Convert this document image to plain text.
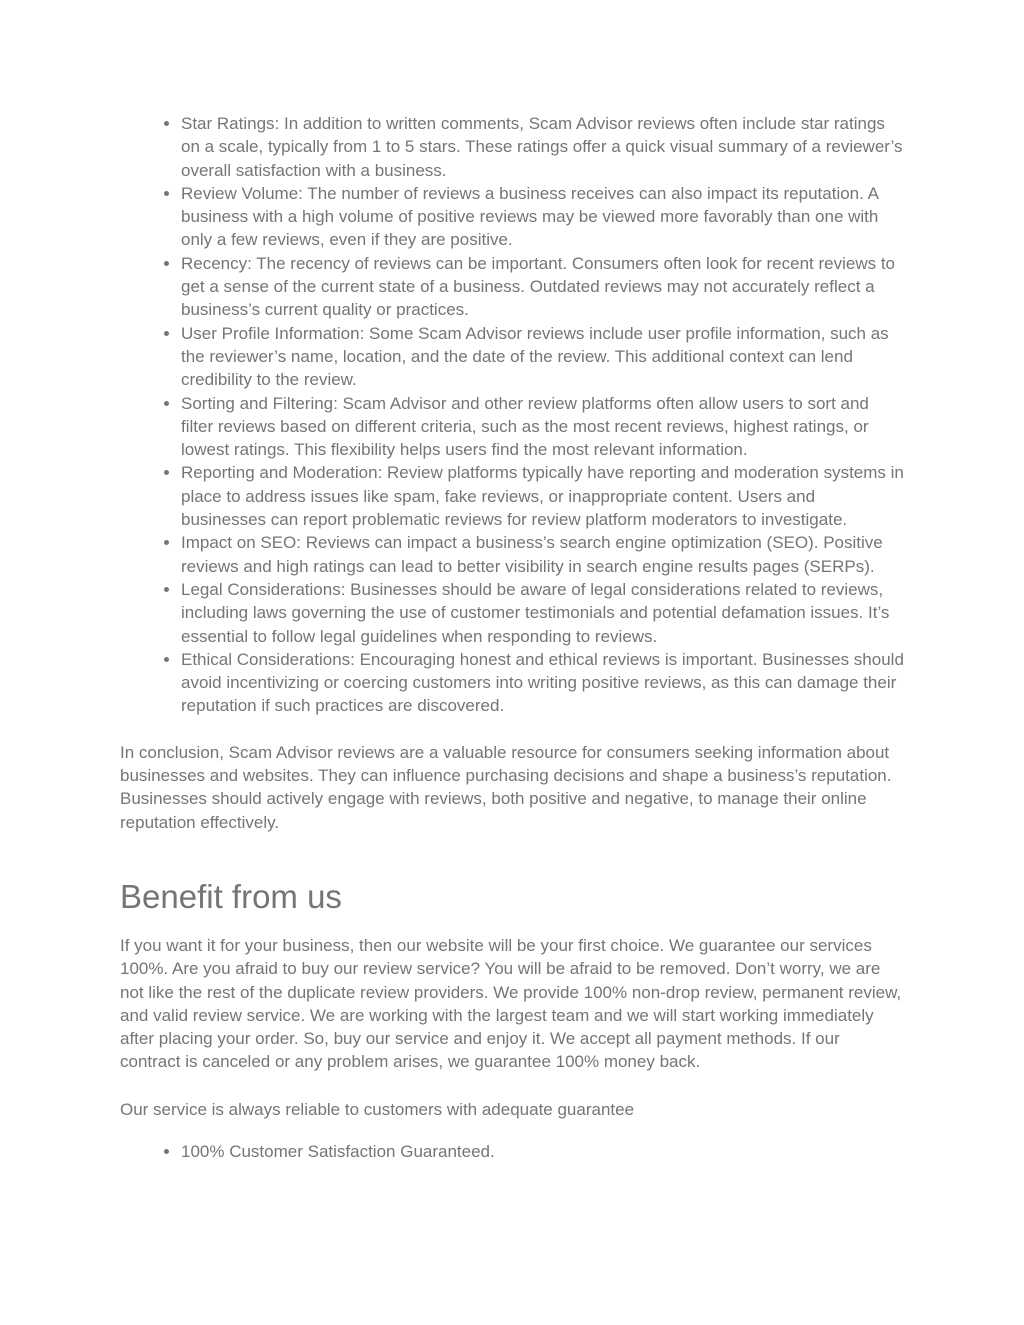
• Star Ratings: In addition to written comments, Scam Advisor reviews often include star ratings on a scale, typically from 1 to 5 stars. These ratings offer a quick visual summary of a reviewer’s overall satisfaction with a business.
• Review Volume: The number of reviews a business receives can also impact its reputation. A business with a high volume of positive reviews may be viewed more favorably than one with only a few reviews, even if they are positive.
• Recency: The recency of reviews can be important. Consumers often look for recent reviews to get a sense of the current state of a business. Outdated reviews may not accurately reflect a business’s current quality or practices.
• User Profile Information: Some Scam Advisor reviews include user profile information, such as the reviewer’s name, location, and the date of the review. This additional context can lend credibility to the review.
• Sorting and Filtering: Scam Advisor and other review platforms often allow users to sort and filter reviews based on different criteria, such as the most recent reviews, highest ratings, or lowest ratings. This flexibility helps users find the most relevant information.
• Reporting and Moderation: Review platforms typically have reporting and moderation systems in place to address issues like spam, fake reviews, or inappropriate content. Users and businesses can report problematic reviews for review platform moderators to investigate.
• Impact on SEO: Reviews can impact a business’s search engine optimization (SEO). Positive reviews and high ratings can lead to better visibility in search engine results pages (SERPs).
• Legal Considerations: Businesses should be aware of legal considerations related to reviews, including laws governing the use of customer testimonials and potential defamation issues. It’s essential to follow legal guidelines when responding to reviews.
• Ethical Considerations: Encouraging honest and ethical reviews is important. Businesses should avoid incentivizing or coercing customers into writing positive reviews, as this can damage their reputation if such practices are discovered.

In conclusion, Scam Advisor reviews are a valuable resource for consumers seeking information about businesses and websites. They can influence purchasing decisions and shape a business’s reputation. Businesses should actively engage with reviews, both positive and negative, to manage their online reputation effectively.

Benefit from us

If you want it for your business, then our website will be your first choice. We guarantee our services 100%. Are you afraid to buy our review service? You will be afraid to be removed. Don’t worry, we are not like the rest of the duplicate review providers. We provide 100% non-drop review, permanent review, and valid review service. We are working with the largest team and we will start working immediately after placing your order. So, buy our service and enjoy it. We accept all payment methods. If our contract is canceled or any problem arises, we guarantee 100% money back.

Our service is always reliable to customers with adequate guarantee

• 100% Customer Satisfaction Guaranteed.
